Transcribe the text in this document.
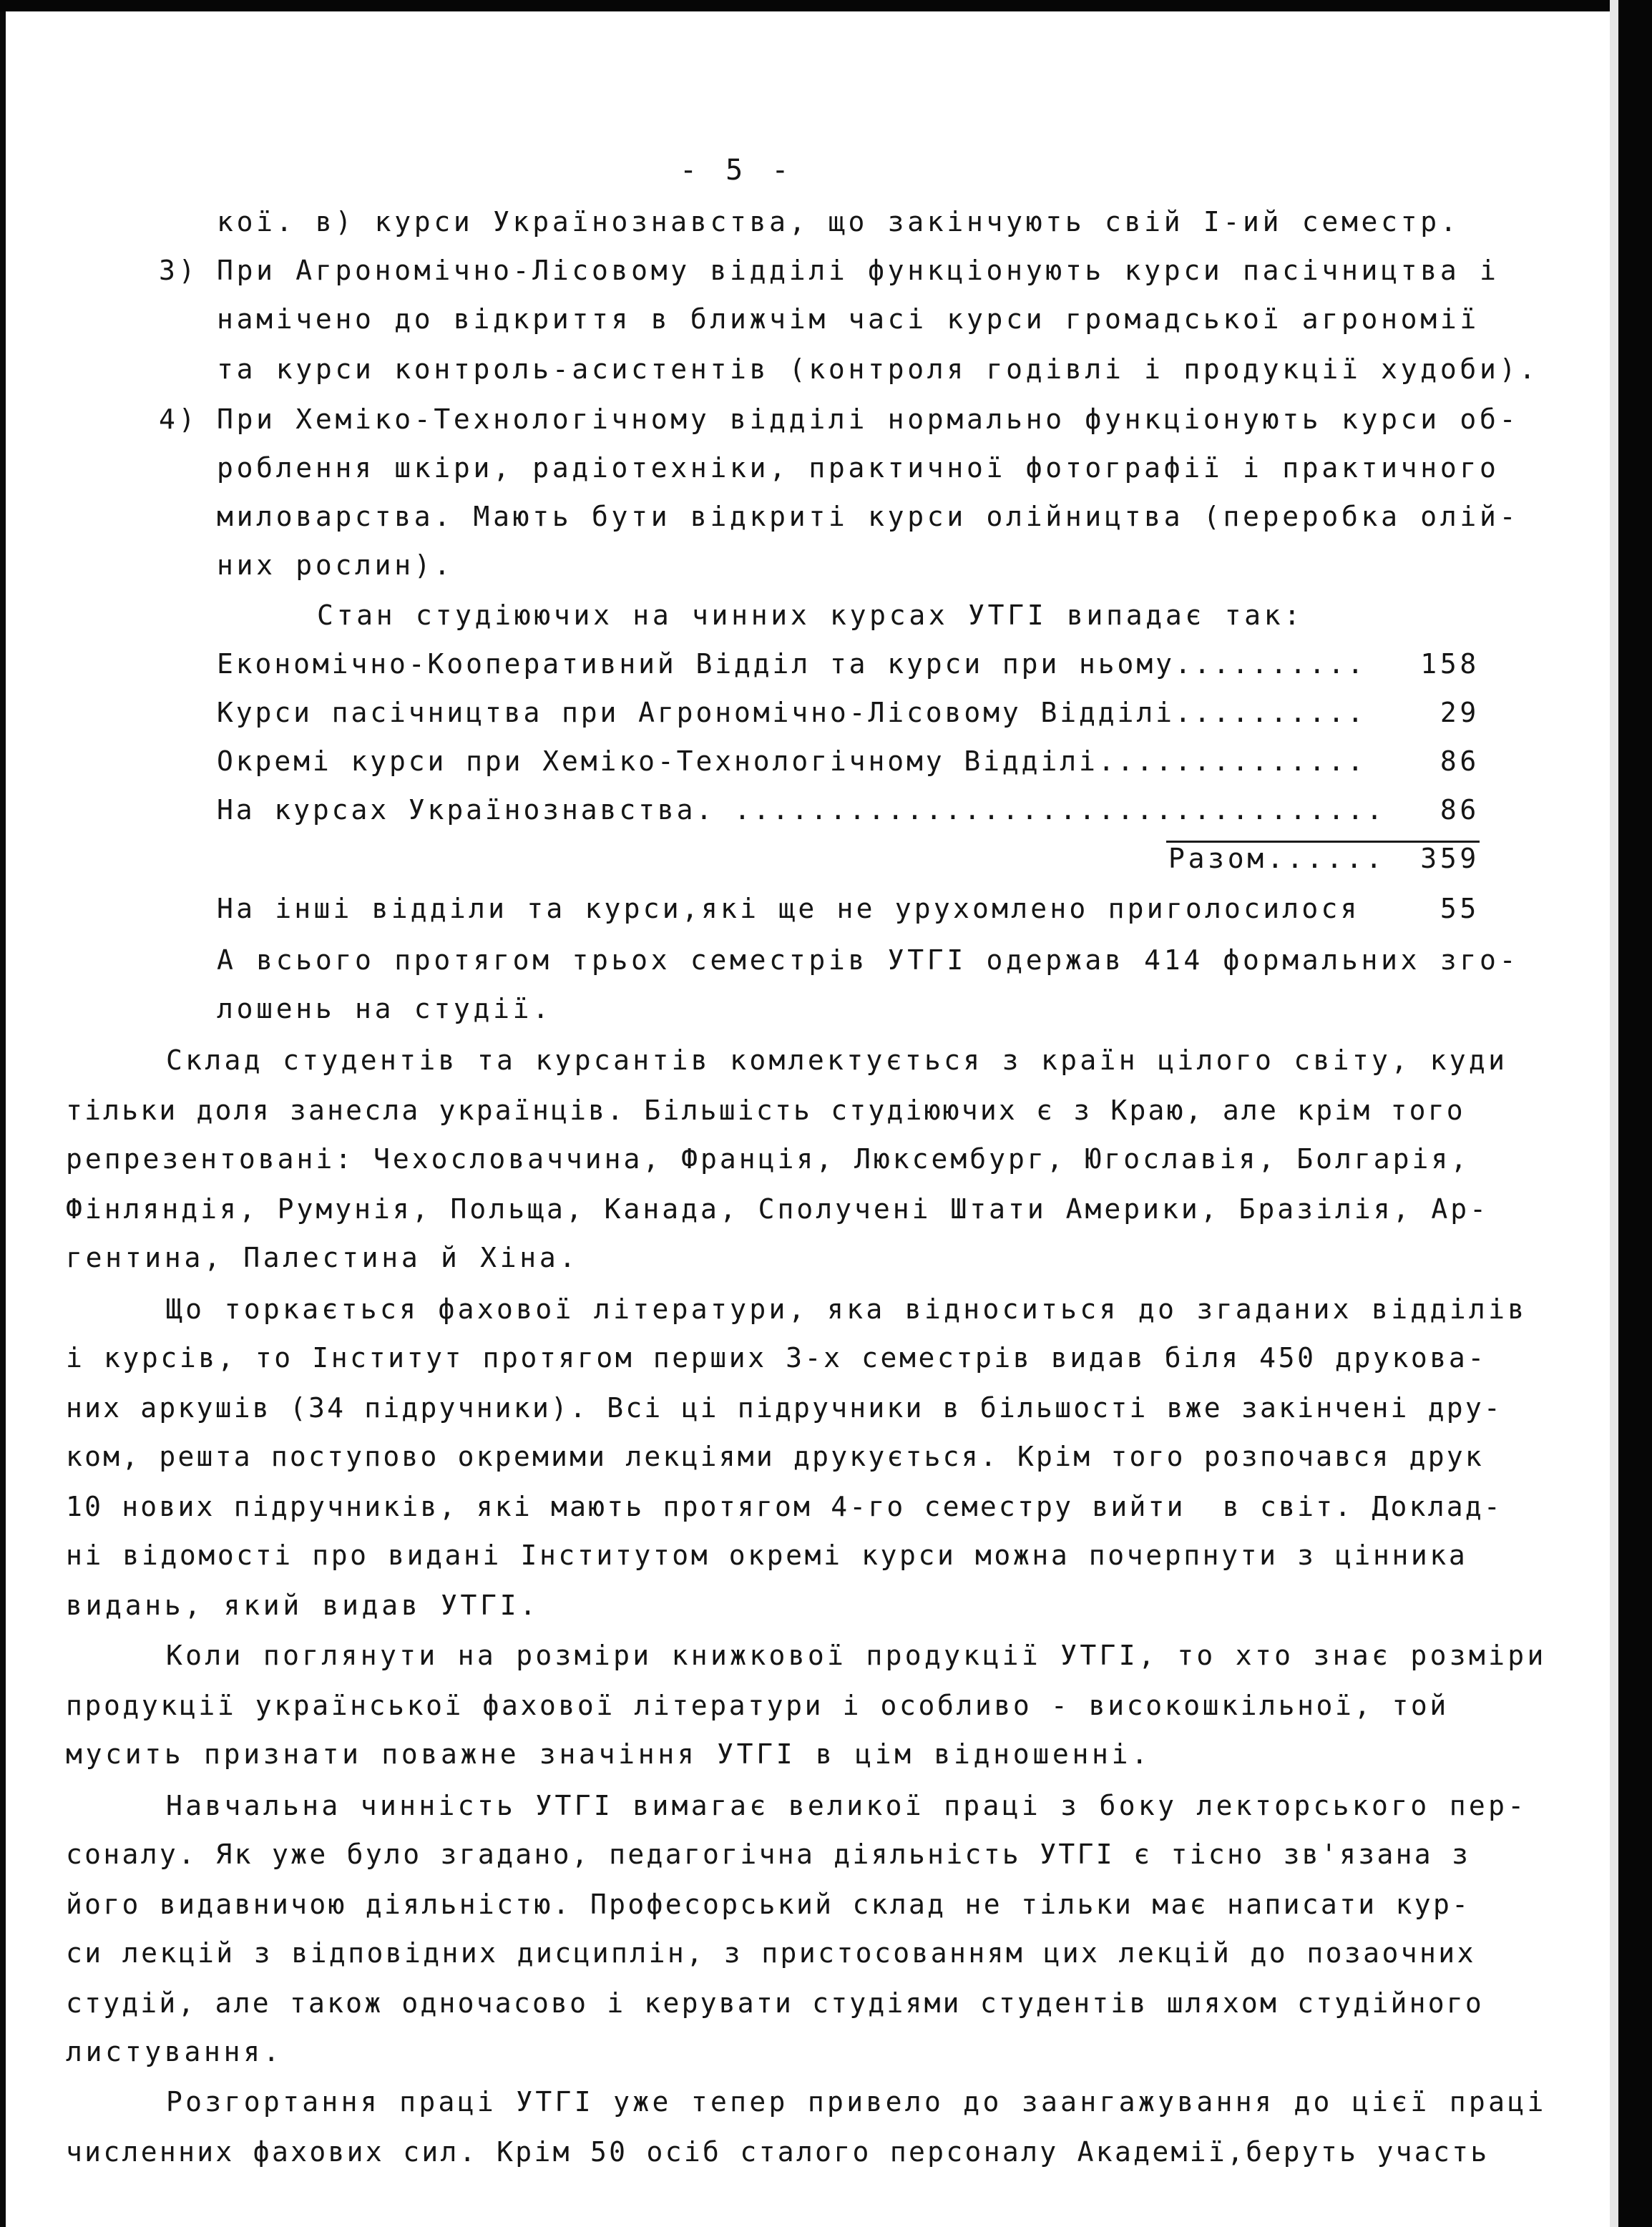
- 5 -
кої. в) курси Українознавства, що закінчують свій І-ий семестр.
3) При Агрономічно-Лісовому відділі функціонують курси пасічництва і
намічено до відкриття в ближчім часі курси громадської агрономії
та курси контроль-асистентів (контроля годівлі і продукції худоби).
4) При Хеміко-Технологічному відділі нормально функціонують курси об-
роблення шкіри, радіотехніки, практичної фотографії і практичного
миловарства. Мають бути відкриті курси олійництва (переробка олій-
них рослин).
Стан студіюючих на чинних курсах УТГІ випадає так:
Економічно-Кооперативний Відділ та курси при ньому..........	158
Курси пасічництва при Агрономічно-Лісовому Відділі..........	29
Окремі курси при Хеміко-Технологічному Відділі..............	86
На курсах Українознавства. ..................................	86
Разом......	359
На інші відділи та курси,які ще не урухомлено приголосилося	55
А всього протягом трьох семестрів УТГІ одержав 414 формальних зго-
лошень на студії.
Склад студентів та курсантів комлектується з країн цілого світу, куди
тільки доля занесла українців. Більшість студіюючих є з Краю, але крім того
репрезентовані: Чехословаччина, Франція, Люксембург, Югославія, Болгарія,
Фінляндія, Румунія, Польща, Канада, Сполучені Штати Америки, Бразілія, Ар-
гентина, Палестина й Хіна.
Що торкається фахової літератури, яка відноситься до згаданих відділів
і курсів, то Інститут протягом перших 3-х семестрів видав біля 450 друкова-
них аркушів (34 підручники). Всі ці підручники в більшості вже закінчені дру-
ком, решта поступово окремими лекціями друкується. Крім того розпочався друк
10 нових підручників, які мають протягом 4-го семестру вийти  в світ. Доклад-
ні відомості про видані Інститутом окремі курси можна почерпнути з цінника
видань, який видав УТГІ.
Коли поглянути на розміри книжкової продукції УТГІ, то хто знає розміри
продукції української фахової літератури і особливо - високошкільної, той
мусить признати поважне значіння УТГІ в цім відношенні.
Навчальна чинність УТГІ вимагає великої праці з боку лекторського пер-
соналу. Як уже було згадано, педагогічна діяльність УТГІ є тісно зв'язана з
його видавничою діяльністю. Професорський склад не тільки має написати кур-
си лекцій з відповідних дисциплін, з пристосованням цих лекцій до позаочних
студій, але також одночасово і керувати студіями студентів шляхом студійного
листування.
Розгортання праці УТГІ уже тепер привело до заангажування до цієї праці
численних фахових сил. Крім 50 осіб сталого персоналу Академії,беруть участь
